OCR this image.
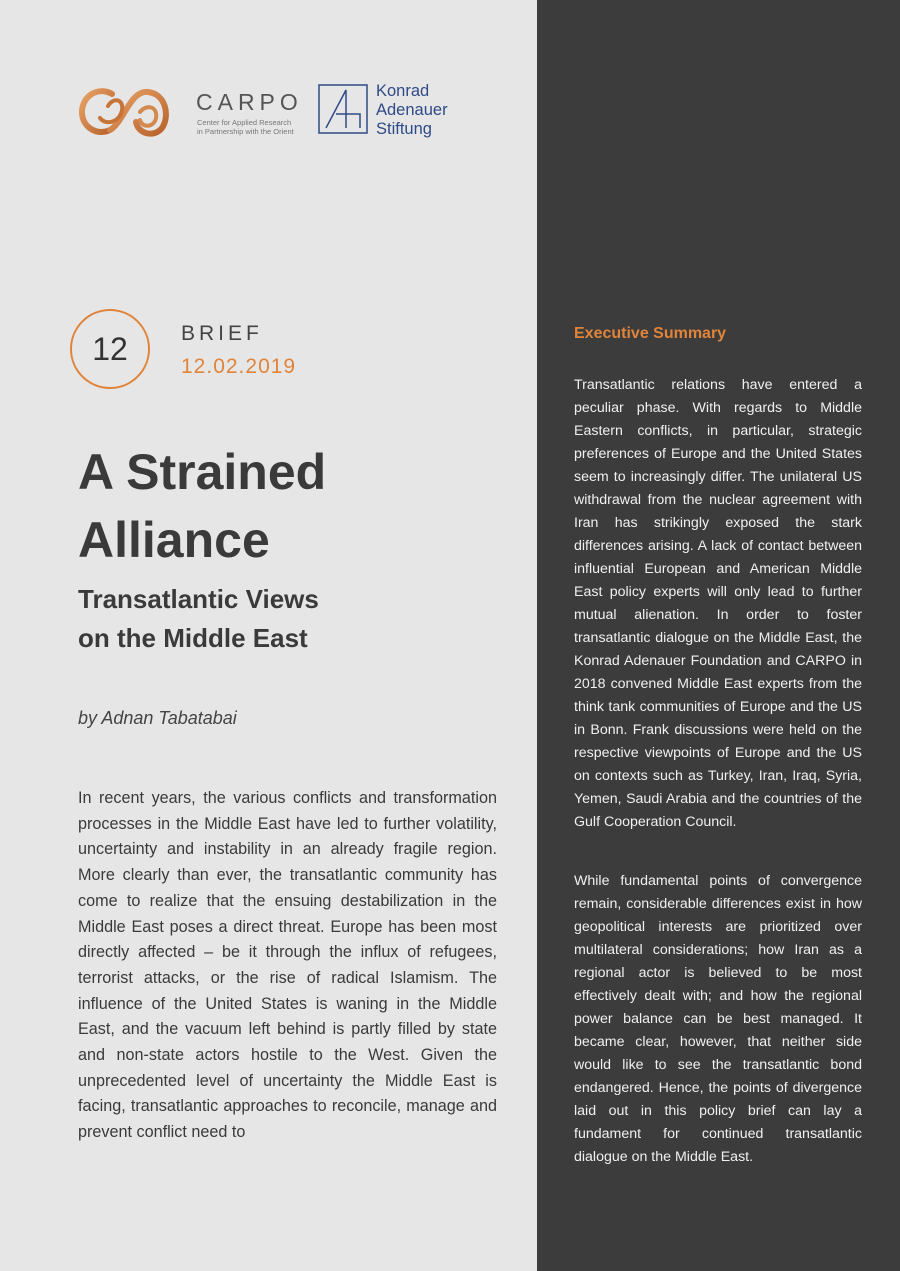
CARPO
Center for Applied Research
in Partnership with the Orient
Konrad
Adenauer
Stiftung
12	BRIEF
12.02.2019
A Strained
Alliance
Transatlantic Views
on the Middle East
by Adnan Tabatabai

In recent years, the various conflicts and transformation processes in the Middle East have led to further volatility, uncertainty and instability in an already fragile region. More clearly than ever, the transatlantic community has come to realize that the ensuing destabilization in the Middle East poses a direct threat. Europe has been most directly affected – be it through the influx of refugees, terrorist attacks, or the rise of radical Islamism. The influence of the United States is waning in the Middle East, and the vacuum left behind is partly filled by state and non-state actors hostile to the West. Given the unprecedented level of uncertainty the Middle East is facing, transatlantic approaches to reconcile, manage and prevent conflict need to

Executive Summary

Transatlantic relations have entered a peculiar phase. With regards to Middle Eastern conflicts, in particular, strategic preferences of Europe and the United States seem to increasingly differ. The unilateral US withdrawal from the nuclear agreement with Iran has strikingly exposed the stark differences arising. A lack of contact between influential European and American Middle East policy experts will only lead to further mutual alienation. In order to foster transatlantic dialogue on the Middle East, the Konrad Adenauer Foundation and CARPO in 2018 convened Middle East experts from the think tank communities of Europe and the US in Bonn. Frank discussions were held on the respective viewpoints of Europe and the US on contexts such as Turkey, Iran, Iraq, Syria, Yemen, Saudi Arabia and the countries of the Gulf Cooperation Council.

While fundamental points of convergence remain, considerable differences exist in how geopolitical interests are prioritized over multilateral considerations; how Iran as a regional actor is believed to be most effectively dealt with; and how the regional power balance can be best managed. It became clear, however, that neither side would like to see the transatlantic bond endangered. Hence, the points of divergence laid out in this policy brief can lay a fundament for continued transatlantic dialogue on the Middle East.
